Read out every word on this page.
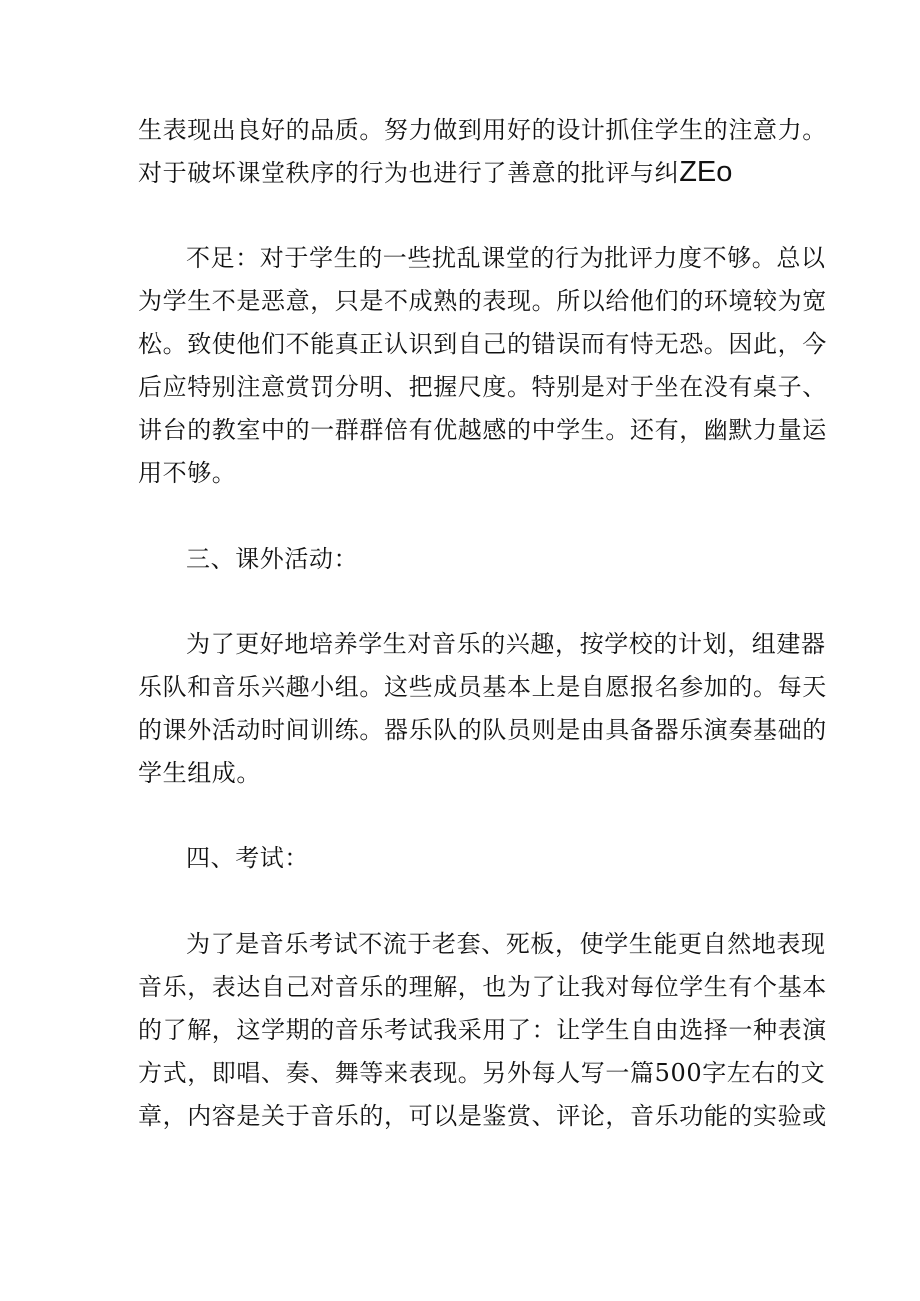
生表现出良好的品质。努力做到用好的设计抓住学生的注意力。
对于破坏课堂秩序的行为也进行了善意的批评与纠ZEo
不足：对于学生的一些扰乱课堂的行为批评力度不够。总以
为学生不是恶意，只是不成熟的表现。所以给他们的环境较为宽
松。致使他们不能真正认识到自己的错误而有恃无恐。因此，今
后应特别注意赏罚分明、把握尺度。特别是对于坐在没有桌子、
讲台的教室中的一群群倍有优越感的中学生。还有，幽默力量运
用不够。
三、课外活动：
为了更好地培养学生对音乐的兴趣，按学校的计划，组建器
乐队和音乐兴趣小组。这些成员基本上是自愿报名参加的。每天
的课外活动时间训练。器乐队的队员则是由具备器乐演奏基础的
学生组成。
四、考试：
为了是音乐考试不流于老套、死板，使学生能更自然地表现
音乐，表达自己对音乐的理解，也为了让我对每位学生有个基本
的了解，这学期的音乐考试我采用了：让学生自由选择一种表演
方式，即唱、奏、舞等来表现。另外每人写一篇500字左右的文
章，内容是关于音乐的，可以是鉴赏、评论，音乐功能的实验或
